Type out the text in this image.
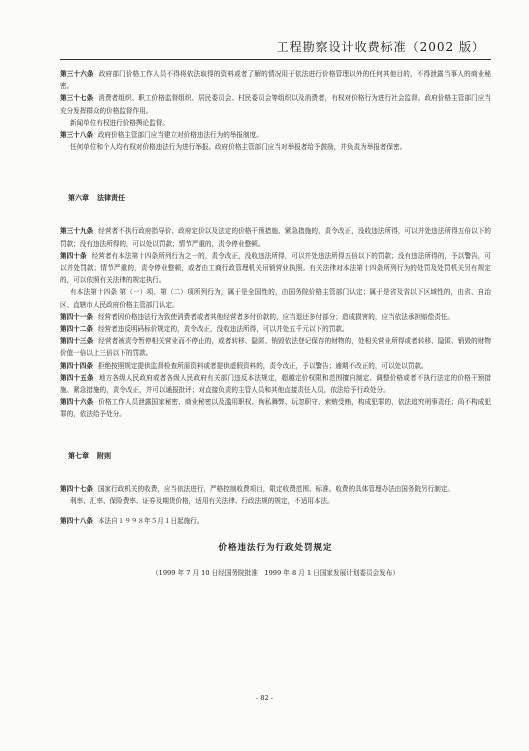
工程勘察设计收费标准（2002 版）

第三十六条 政府部门价格工作人员不得将依法取得的资料或者了解的情况用于依法进行价格管理以外的任何其他目的，不得泄露当事人的商业秘密。

第三十七条 消费者组织、职工价格监督组织、居民委员会、村民委员会等组织以及消费者，有权对价格行为进行社会监督。政府价格主管部门应当充分发挥群众的价格监督作用。

新闻单位有权进行价格舆论监督。

第三十八条 政府价格主管部门应当建立对价格违法行为的举报制度。

任何单位和个人均有权对价格违法行为进行举报。政府价格主管部门应当对举报者给予鼓励，并负责为举报者保密。

第六章 法律责任

第三十九条 经营者不执行政府指导价、政府定价以及法定的价格干预措施、紧急措施的，责令改正，没收违法所得，可以并处违法所得五倍以下的罚款；没有违法所得的，可以处以罚款；情节严重的，责令停业整顿。

第四十条 经营者有本法第十四条所列行为之一的，责令改正，没收违法所得，可以并处违法所得五倍以下的罚款；没有违法所得的，予以警告，可以并处罚款；情节严重的，责令停业整顿，或者由工商行政管理机关吊销营业执照。有关法律对本法第十四条所列行为的处罚及处罚机关另有规定的，可以依照有关法律的规定执行。

有本法第十四条 第（一）项、第（二）项所列行为，属于是全国性的，由国务院价格主管部门认定；属于是省及省以下区域性的，由省、自治区、直辖市人民政府价格主管部门认定。

第四十一条 经营者因价格违法行为致使消费者或者其他经营者多付价款的，应当退还多付部分；造成损害的，应当依法承担赔偿责任。

第四十二条 经营者违反明码标价规定的，责令改正，没收违法所得，可以并处五千元以下的罚款。

第四十三条 经营者被责令暂停相关营业而不停止的，或者转移、隐匿、销毁依法登记保存的财物的，处相关营业所得或者转移、隐匿、销毁的财物价值一倍以上三倍以下的罚款。

第四十四条 拒绝按照规定提供监督检查所需资料或者提供虚假资料的，责令改正，予以警告；逾期不改正的，可以处以罚款。

第四十五条 地方各级人民政府或者各级人民政府有关部门违反本法规定，超越定价权限和范围擅自制定、调整价格或者不执行法定的价格干预措施、紧急措施的，责令改正，并可以通报批评；对直接负责的主管人员和其他直接责任人员，依法给予行政处分。

第四十六条 价格工作人员泄露国家秘密、商业秘密以及滥用职权、徇私舞弊、玩忽职守、索贿受贿，构成犯罪的，依法追究刑事责任；尚不构成犯罪的，依法给予处分。

第七章 附则

第四十七条 国家行政机关的收费，应当依法进行，严格控制收费项目，限定收费范围、标准。收费的具体管理办法由国务院另行制定。

利率、汇率、保险费率、证券及期货价格，适用有关法律、行政法规的规定，不适用本法。

第四十八条 本法自１９９８年５月１日起施行。

价格违法行为行政处罚规定

（1999 年 7 月 10 日经国务院批准　1999 年 8 月 1 日国家发展计划委员会发布）

- 82 -
